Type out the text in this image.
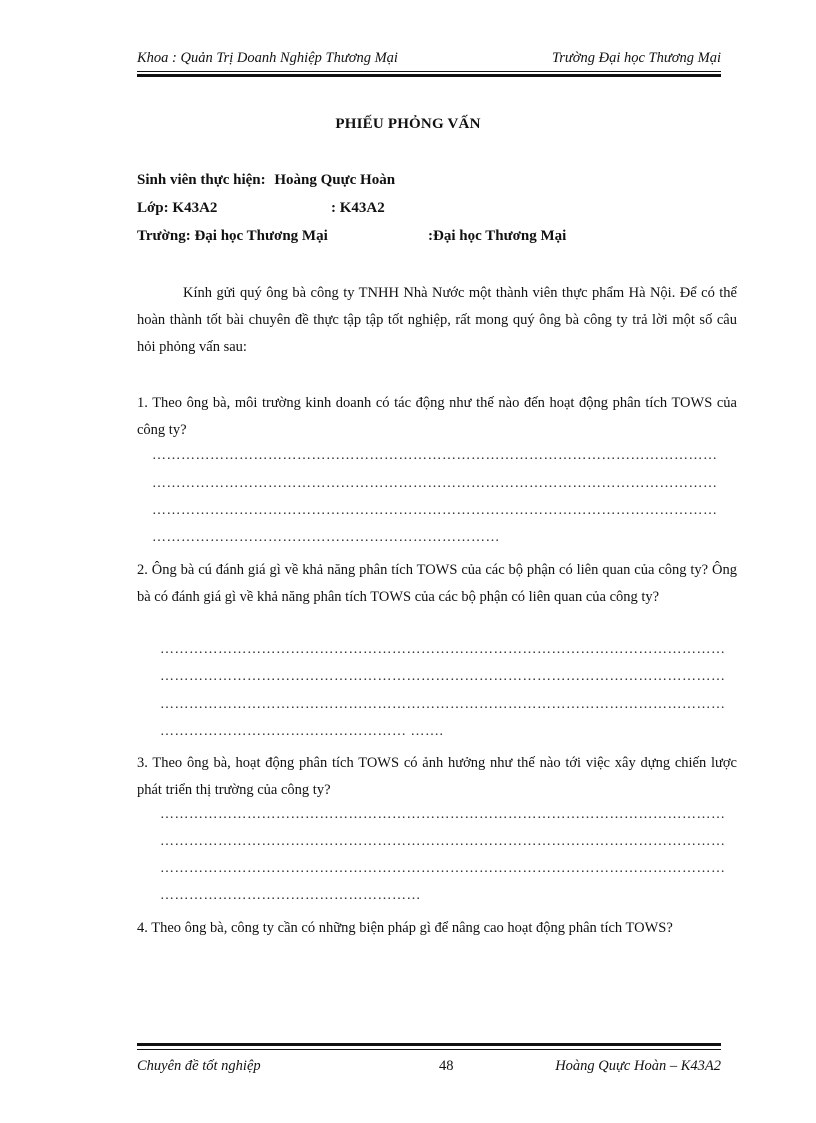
Khoa : Quản Trị Doanh Nghiệp Thương Mại	Trường Đại học Thương Mại
PHIẾU PHỎNG VẤN
Sinh viên thực hiện: Hoàng Quực Hoàn
Lớp: K43A2	: K43A2
Trường: Đại học Thương Mại	:Đại học Thương Mại
Kính gửi quý ông bà công ty TNHH Nhà Nước một thành viên thực phẩm Hà Nội. Để có thể hoàn thành tốt bài chuyên đề thực tập tập tốt nghiệp, rất mong quý ông bà công ty trả lời một số câu hỏi phỏng vấn sau:
1. Theo ông bà, môi trường kinh doanh có tác động như thế nào đến hoạt động phân tích TOWS của công ty?
………………………………………………………………………………………………………
………………………………………………………………………………………………………
………………………………………………………………………………………………………
………………………………………………………………
2. Ông bà cú đánh giá gì về khả năng phân tích TOWS của các bộ phận có liên quan của công ty? Ông bà có đánh giá gì về khả năng phân tích TOWS của các bộ phận có liên quan của công ty?
………………………………………………………………………………………………………
………………………………………………………………………………………………………
………………………………………………………………………………………………………
…………………………………………… …….
3. Theo ông bà, hoạt động phân tích TOWS có ảnh hưởng như thế nào tới việc xây dựng chiến lược phát triển thị trường của công ty?
………………………………………………………………………………………………………
………………………………………………………………………………………………………
………………………………………………………………………………………………………
………………………………………………
4. Theo ông bà, công ty cần có những biện pháp gì để nâng cao hoạt động phân tích TOWS?
Chuyên đề tốt nghiệp	48	Hoàng Quực Hoàn – K43A2
